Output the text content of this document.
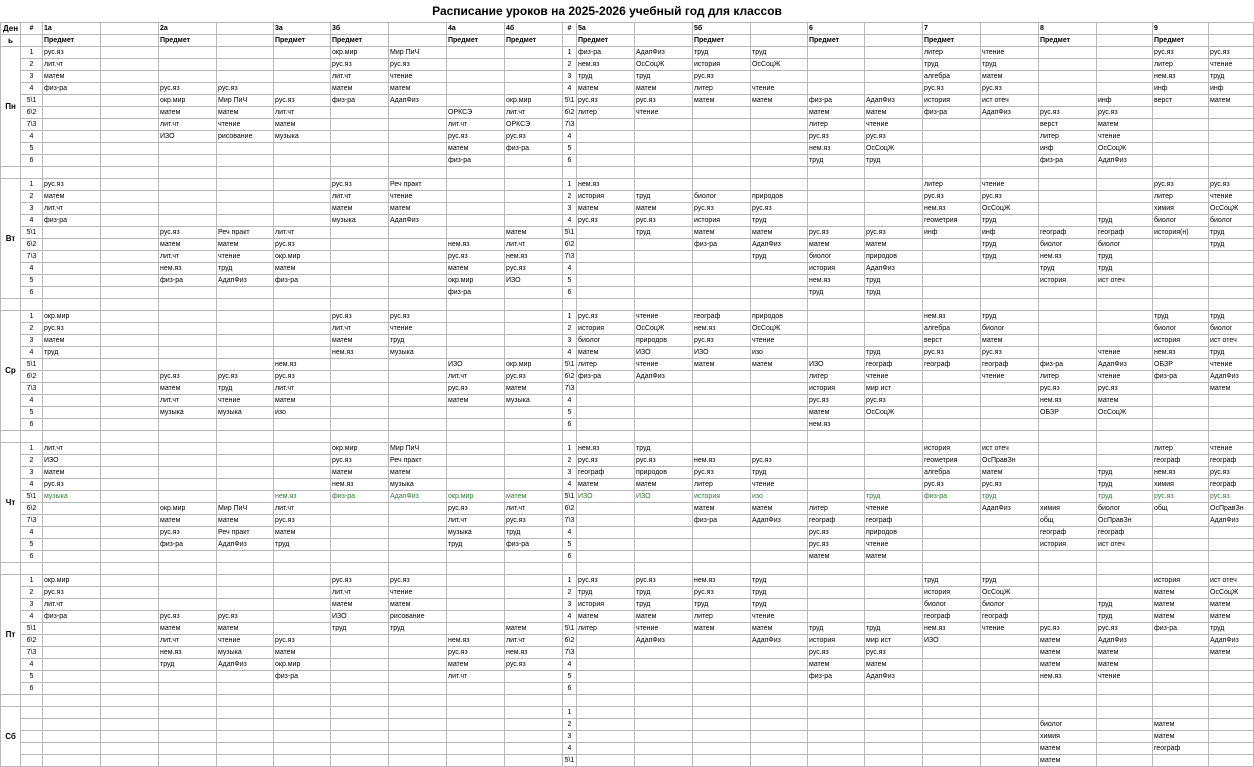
Расписание уроков на 2025-2026 учебный год для классов
Ден	#	1а		2а		3а	3б		4а	4б	#	5а		5б		6		7		8		9	
ь		Предмет		Предмет		Предмет	Предмет		Предмет	Предмет		Предмет		Предмет		Предмет		Предмет		Предмет		Предмет	
Пн	1	рус.яз					окр.мир	Мир ПиЧ			1	физ-ра	АдапФиз	труд	труд			литер	чтение			рус.яз	рус.яз
	2	лит.чт					рус.яз	рус.яз			2	нем.яз	ОсСоцЖ	история	ОсСоцЖ			труд	труд			литер	чтение
	3	матем					лит.чт	чтение			3	труд	труд	рус.яз				алгебра	матем			нем.яз	труд
	4	физ-ра		рус.яз	рус.яз		матем	матем			4	матем	матем	литер	чтение			рус.яз	рус.яз			инф	инф
	5\1			окр.мир	Мир ПиЧ	рус.яз	физ-ра	АдапФиз		окр.мир	5\1	рус.яз	рус.яз	матем	матем	физ-ра	АдапФиз	история	ист отеч		инф	верст	матем
	6\2			матем	матем	лит.чт			ОРКСЭ	лит.чт	6\2	литер	чтение			матем	матем	физ-ра	АдапФиз	рус.яз	рус.яз		
	7\3			лит.чт	чтение	матем			лит.чт	ОРКСЭ	7\3					литер	чтение			верст	матем		
	4			ИЗО	рисование	музыка			рус.яз	рус.яз	4					рус.яз	рус.яз			литер	чтение		
	5								матем	физ-ра	5					нем.яз	ОсСоцЖ			инф	ОсСоцЖ		
	6								физ-ра		6					труд	труд			физ-ра	АдапФиз		

Вт	1	рус.яз					рус.яз	Реч практ			1	нем.яз						литер	чтение			рус.яз	рус.яз
	2	матем					лит.чт	чтение			2	история	труд	биолог	природов			рус.яз	рус.яз			литер	чтение
	3	лит.чт					матем	матем			3	матем	матем	рус.яз	рус.яз			нем.яз	ОсСоцЖ			химия	ОсСоцЖ
	4	физ-ра					музыка	АдапФиз			4	рус.яз	рус.яз	история	труд			геометрия	труд		труд	биолог	биолог
	5\1			рус.яз	Реч практ	лит.чт				матем	5\1		труд	матем	матем	рус.яз	рус.яз	инф	инф	географ	географ	история(н)	труд
	6\2			матем	матем	рус.яз			нем.яз	лит.чт	6\2			физ-ра	АдапФиз	матем	матем		труд	биолог	биолог		труд
	7\3			лит.чт	чтение	окр.мир			рус.яз	нем.яз	7\3				труд	биолог	природов		труд	нем.яз	труд		
	4			нем.яз	труд	матем			матем	рус.яз	4					история	АдапФиз			труд	труд		
	5			физ-ра	АдапФиз	физ-ра			окр.мир	ИЗО	5					нем.яз	труд			история	ист отеч		
	6								физ-ра		6					труд	труд						

Ср	1	окр.мир					рус.яз	рус.яз			1	рус.яз	чтение	географ	природов			нем.яз	труд			труд	труд
	2	рус.яз					лит.чт	чтение			2	история	ОсСоцЖ	нем.яз	ОсСоцЖ			алгебра	биолог			биолог	биолог
	3	матем					матем	труд			3	биолог	природов	рус.яз	чтение			верст	матем			история	ист отеч
	4	труд					нем.яз	музыка			4	матем	ИЗО	ИЗО	изо		труд	рус.яз	рус.яз		чтение	нем.яз	труд
	5\1					нем.яз			ИЗО	окр.мир	5\1	литер	чтение	матем	матем	ИЗО	географ	географ	географ	физ-ра	АдапФиз	ОБЗР	чтение
	6\2			рус.яз	рус.яз	рус.яз			лит.чт	рус.яз	6\2	физ-ра	АдапФиз			литер	чтение		чтение	литер	чтение	физ-ра	АдапФиз
	7\3			матем	труд	лит.чт			рус.яз	матем	7\3					история	мир ист			рус.яз	рус.яз		матем
	4			лит.чт	чтение	матем			матем	музыка	4					рус.яз	рус.яз			нем.яз	матем		
	5			музыка	музыка	изо					5					матем	ОсСоцЖ			ОБЗР	ОсСоцЖ		
	6										6					нем.яз							

Чт	1	лит.чт					окр.мир	Мир ПиЧ			1	нем.яз	труд					история	ист отеч			литер	чтение
	2	ИЗО					рус.яз	Реч практ			2	рус.яз	рус.яз	нем.яз	рус.яз			геометрия	ОсПравЗн			географ	географ
	3	матем					матем	матем			3	географ	природов	рус.яз	труд			алгебра	матем		труд	нем.яз	рус.яз
	4	рус.яз					нем.яз	музыка			4	матем	матем	литер	чтение			рус.яз	рус.яз		труд	химия	географ
	5\1	музыка				нем.яз	физ-ра	АдапФиз	окр.мир	матем	5\1	ИЗО	ИЗО	история	изо		труд	физ-ра	труд		труд	рус.яз	рус.яз
	6\2			окр.мир	Мир ПиЧ	лит.чт			рус.яз	лит.чт	6\2			матем	матем	литер	чтение		АдапФиз	химия	биолог	общ	ОсПравЗн
	7\3			матем	матем	рус.яз			лит.чт	рус.яз	7\3			физ-ра	АдапФиз	географ	географ			общ	ОсПравЗн		АдапФиз
	4			рус.яз	Реч практ	матем			музыка	труд	4					рус.яз	природов			географ	географ		
	5			физ-ра	АдапФиз	труд			труд	физ-ра	5					рус.яз	чтение			история	ист отеч		
	6										6					матем	матем						

Пт	1	окр.мир					рус.яз	рус.яз			1	рус.яз	рус.яз	нем.яз	труд			труд	труд			история	ист отеч
	2	рус.яз					лит.чт	чтение			2	труд	труд	рус.яз	труд			история	ОсСоцЖ			матем	ОсСоцЖ
	3	лит.чт					матем	матем			3	история	труд	труд	труд			биолог	биолог		труд	матем	матем
	4	физ-ра		рус.яз	рус.яз		ИЗО	рисование			4	матем	матем	литер	чтение			географ	географ		труд	матем	матем
	5\1			матем	матем		труд	труд		матем	5\1	литер	чтение	матем	матем	труд	труд	нем.яз	чтение	рус.яз	рус.яз	физ-ра	труд
	6\2			лит.чт	чтение	рус.яз			нем.яз	лит.чт	6\2		АдапФиз		АдапФиз	история	мир ист	ИЗО		матем	АдапФиз		АдапФиз
	7\3			нем.яз	музыка	матем			рус.яз	нем.яз	7\3					рус.яз	рус.яз			матем	матем		матем
	4			труд	АдапФиз	окр.мир			матем	рус.яз	4					матем	матем			матем	матем		
	5					физ-ра			лит.чт		5					физ-ра	АдапФиз			нем.яз	чтение		
	6										6												

Сб											1												
											2									биолог		матем	
											3									химия		матем	
											4									матем		географ	
											5\1									матем			
